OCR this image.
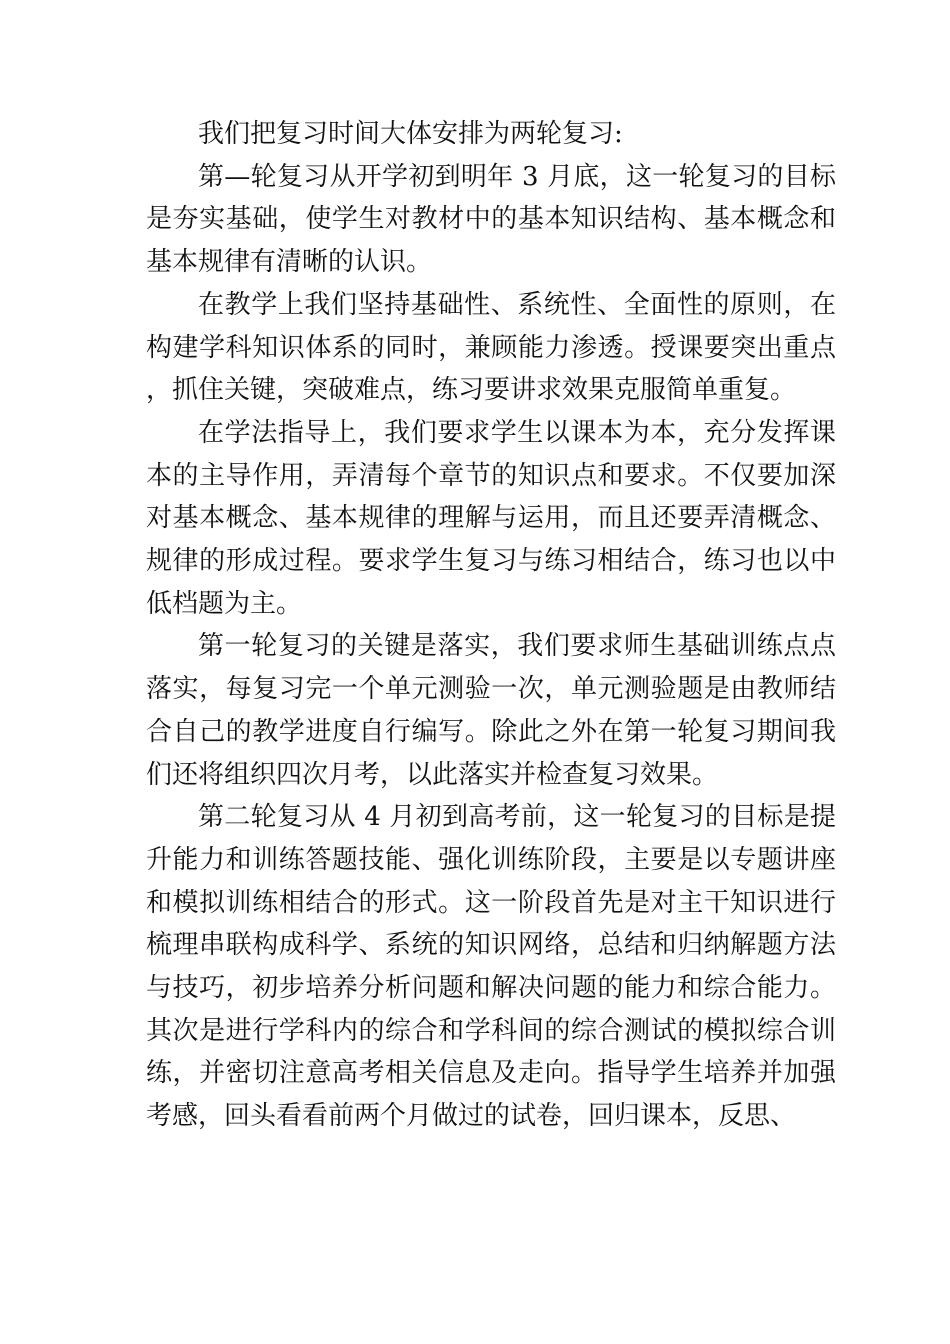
我们把复习时间大体安排为两轮复习:

第—轮复习从开学初到明年 3 月底，这一轮复习的目标是夯实基础，使学生对教材中的基本知识结构、基本概念和基本规律有清晰的认识。

在教学上我们坚持基础性、系统性、全面性的原则，在构建学科知识体系的同时，兼顾能力渗透。授课要突出重点，抓住关键，突破难点，练习要讲求效果克服简单重复。

在学法指导上，我们要求学生以课本为本，充分发挥课本的主导作用，弄清每个章节的知识点和要求。不仅要加深对基本概念、基本规律的理解与运用，而且还要弄清概念、规律的形成过程。要求学生复习与练习相结合，练习也以中低档题为主。

第一轮复习的关键是落实，我们要求师生基础训练点点落实，每复习完一个单元测验一次，单元测验题是由教师结合自己的教学进度自行编写。除此之外在第一轮复习期间我们还将组织四次月考，以此落实并检查复习效果。

第二轮复习从 4 月初到高考前，这一轮复习的目标是提升能力和训练答题技能、强化训练阶段，主要是以专题讲座和模拟训练相结合的形式。这一阶段首先是对主干知识进行梳理串联构成科学、系统的知识网络，总结和归纳解题方法与技巧，初步培养分析问题和解决问题的能力和综合能力。其次是进行学科内的综合和学科间的综合测试的模拟综合训练，并密切注意高考相关信息及走向。指导学生培养并加强考感，回头看看前两个月做过的试卷，回归课本，反思、
